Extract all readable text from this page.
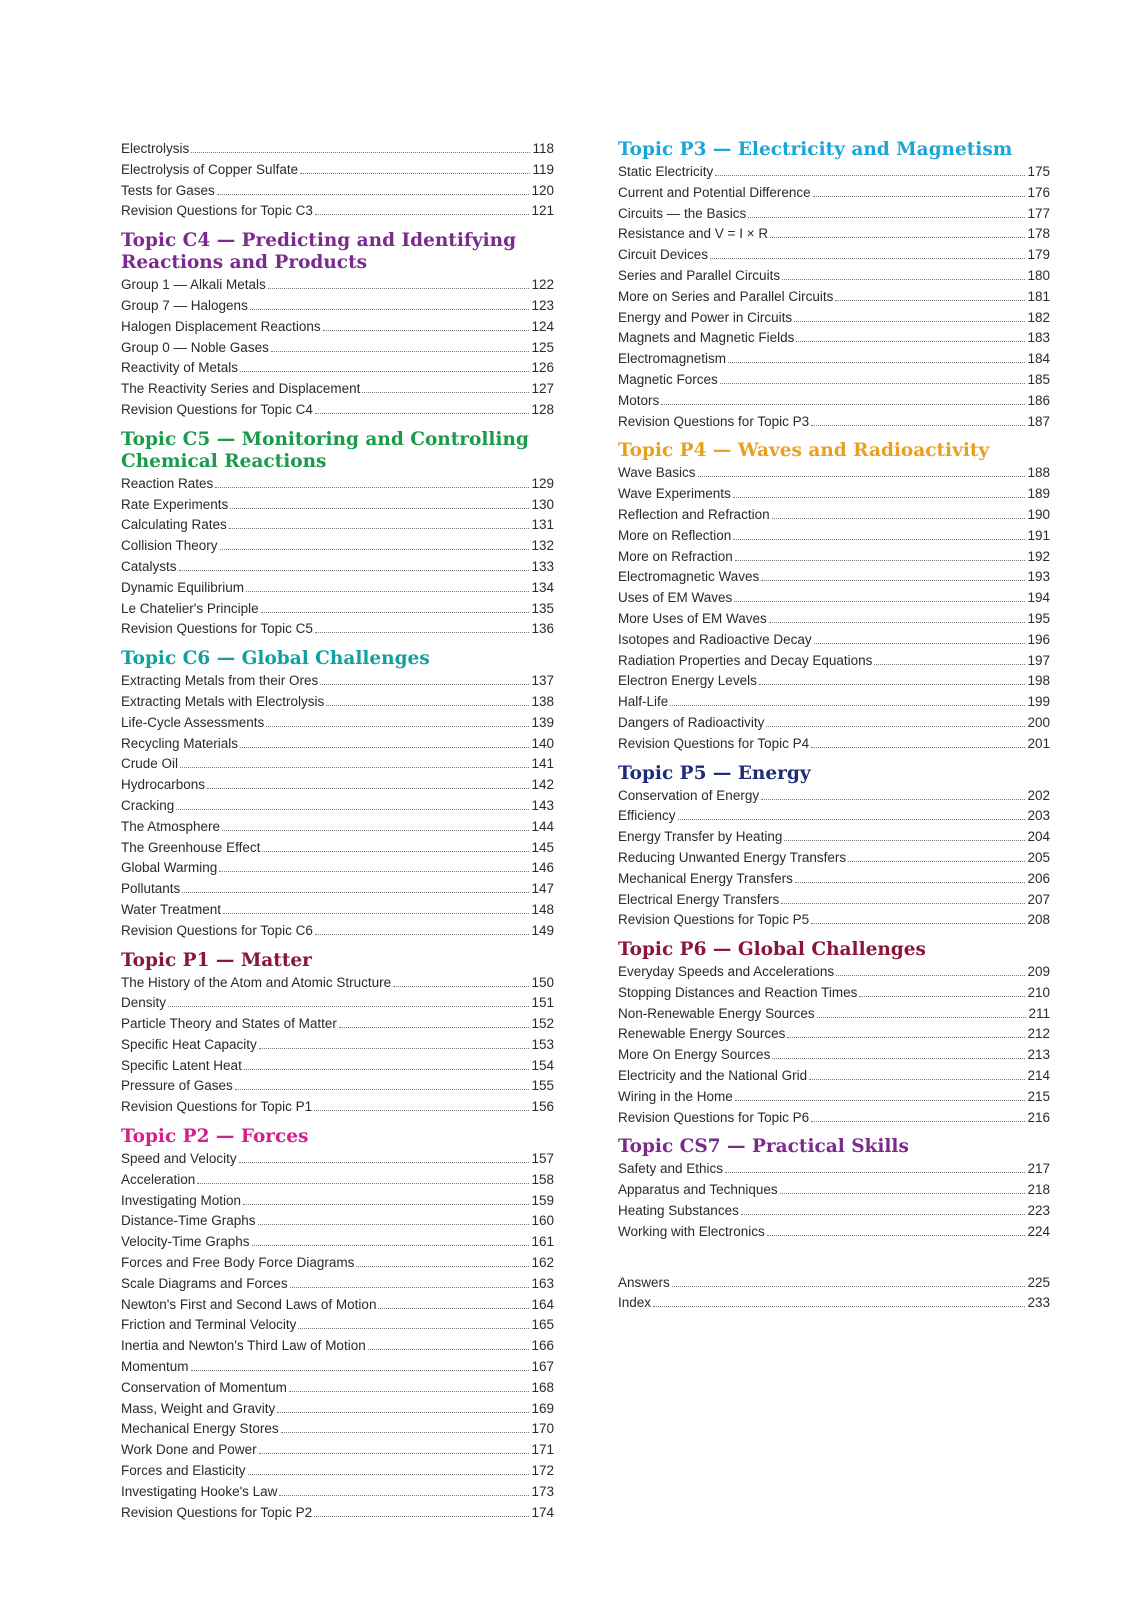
Electrolysis	118
Electrolysis of Copper Sulfate	119
Tests for Gases	120
Revision Questions for Topic C3	121
Topic C4 — Predicting and Identifying Reactions and Products
Group 1 — Alkali Metals	122
Group 7 — Halogens	123
Halogen Displacement Reactions	124
Group 0 — Noble Gases	125
Reactivity of Metals	126
The Reactivity Series and Displacement	127
Revision Questions for Topic C4	128
Topic C5 — Monitoring and Controlling Chemical Reactions
Reaction Rates	129
Rate Experiments	130
Calculating Rates	131
Collision Theory	132
Catalysts	133
Dynamic Equilibrium	134
Le Chatelier's Principle	135
Revision Questions for Topic C5	136
Topic C6 — Global Challenges
Extracting Metals from their Ores	137
Extracting Metals with Electrolysis	138
Life-Cycle Assessments	139
Recycling Materials	140
Crude Oil	141
Hydrocarbons	142
Cracking	143
The Atmosphere	144
The Greenhouse Effect	145
Global Warming	146
Pollutants	147
Water Treatment	148
Revision Questions for Topic C6	149
Topic P1 — Matter
The History of the Atom and Atomic Structure	150
Density	151
Particle Theory and States of Matter	152
Specific Heat Capacity	153
Specific Latent Heat	154
Pressure of Gases	155
Revision Questions for Topic P1	156
Topic P2 — Forces
Speed and Velocity	157
Acceleration	158
Investigating Motion	159
Distance-Time Graphs	160
Velocity-Time Graphs	161
Forces and Free Body Force Diagrams	162
Scale Diagrams and Forces	163
Newton's First and Second Laws of Motion	164
Friction and Terminal Velocity	165
Inertia and Newton's Third Law of Motion	166
Momentum	167
Conservation of Momentum	168
Mass, Weight and Gravity	169
Mechanical Energy Stores	170
Work Done and Power	171
Forces and Elasticity	172
Investigating Hooke's Law	173
Revision Questions for Topic P2	174
Topic P3 — Electricity and Magnetism
Static Electricity	175
Current and Potential Difference	176
Circuits — the Basics	177
Resistance and V = I × R	178
Circuit Devices	179
Series and Parallel Circuits	180
More on Series and Parallel Circuits	181
Energy and Power in Circuits	182
Magnets and Magnetic Fields	183
Electromagnetism	184
Magnetic Forces	185
Motors	186
Revision Questions for Topic P3	187
Topic P4 — Waves and Radioactivity
Wave Basics	188
Wave Experiments	189
Reflection and Refraction	190
More on Reflection	191
More on Refraction	192
Electromagnetic Waves	193
Uses of EM Waves	194
More Uses of EM Waves	195
Isotopes and Radioactive Decay	196
Radiation Properties and Decay Equations	197
Electron Energy Levels	198
Half-Life	199
Dangers of Radioactivity	200
Revision Questions for Topic P4	201
Topic P5 — Energy
Conservation of Energy	202
Efficiency	203
Energy Transfer by Heating	204
Reducing Unwanted Energy Transfers	205
Mechanical Energy Transfers	206
Electrical Energy Transfers	207
Revision Questions for Topic P5	208
Topic P6 — Global Challenges
Everyday Speeds and Accelerations	209
Stopping Distances and Reaction Times	210
Non-Renewable Energy Sources	211
Renewable Energy Sources	212
More On Energy Sources	213
Electricity and the National Grid	214
Wiring in the Home	215
Revision Questions for Topic P6	216
Topic CS7 — Practical Skills
Safety and Ethics	217
Apparatus and Techniques	218
Heating Substances	223
Working with Electronics	224
Answers	225
Index	233
